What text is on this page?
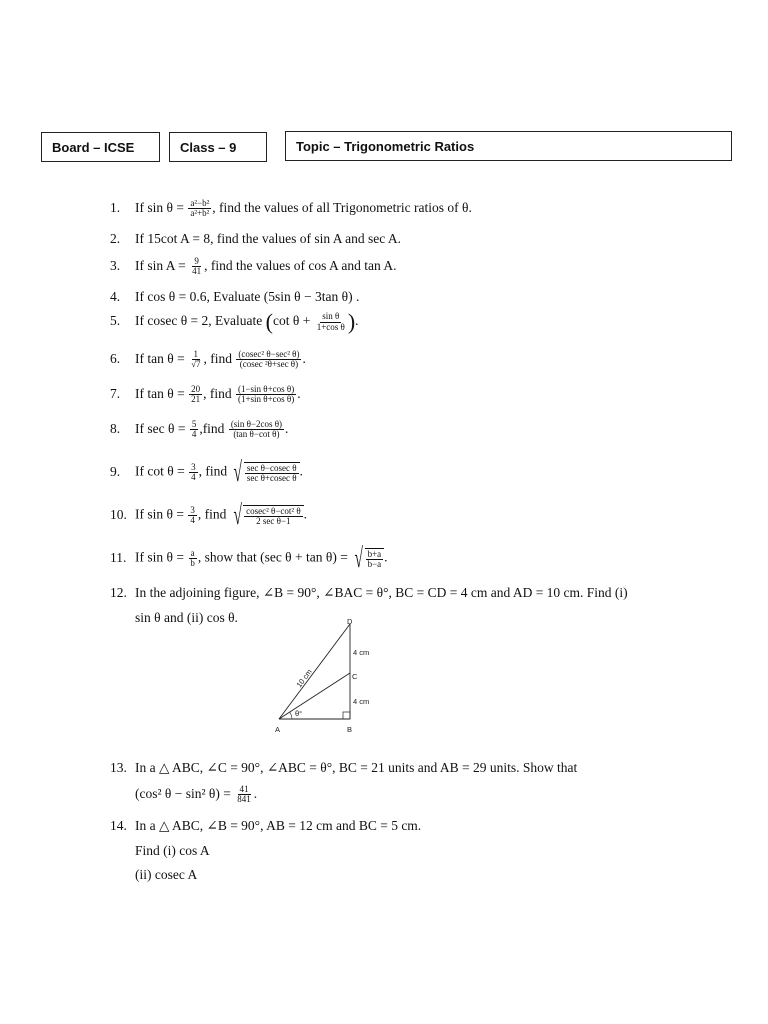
Board – ICSE	Class – 9	Topic – Trigonometric Ratios
1. If $\sin \theta = \frac{\text{a²−b²}}{\text{a²+b²}}$ , find the values of all Trigonometric ratios of θ.
2. If 15cot A = 8, find the values of sin A and sec A.
3. If $\sin A = \frac{9}{41}$ , find the values of cos A and tan A.
4. If cos θ = 0.6, Evaluate (5sin θ − 3tan θ) .
5. If cosec θ = 2, Evaluate (cot $\theta + \frac{\text{sin θ}}{\text{1+cos θ}}$ ).
6. If $\tan \theta = \frac{1}{√7}$ , find $\frac{\text{(cosec² θ−sec² θ)}}{\text{(cosec ²θ+sec θ)}}$ .
7. If $\tan \theta = \frac{20}{21}$ , find $\frac{\text{(1−sin θ+cos θ)}}{\text{(1+sin θ+cos θ)}}$ .
8. If $\sec \theta = \frac{5}{4}$ ,find $\frac{\text{(sin θ−2cos θ)}}{\text{(tan θ−cot θ)}}$ .
9. If $\cot \theta = \frac{3}{4}$ , find √ $\frac{\text{sec θ−cosec θ}}{\text{sec θ+cosec θ}}$ .
10. If $\sin \theta = \frac{3}{4}$ , find √ $\frac{\text{cosec² θ−cot² θ}}{\text{2 sec θ−1}}$ .
11. If $\sin \theta = \frac{a}{b}$ , show that (sec θ + tan θ) = √ $\frac{b+a}{b-a}$ .
12. In the adjoining figure, ∠B = 90°, ∠BAC = θ°, BC = CD = 4 cm and AD = 10 cm. Find (i)
sin θ and (ii) cos θ.
A	B
C
D
4 cm
4 cm
θ°
10 cm
13. In a △ ABC, ∠C = 90°, ∠ABC = θ°, BC = 21 units and AB = 29 units. Show that
(cos² θ − sin² $\theta) = \frac{41}{841}$ .
14. In a △ ABC, ∠B = 90°, AB = 12 cm and BC = 5 cm.
Find (i) cos A
(ii) cosec A
